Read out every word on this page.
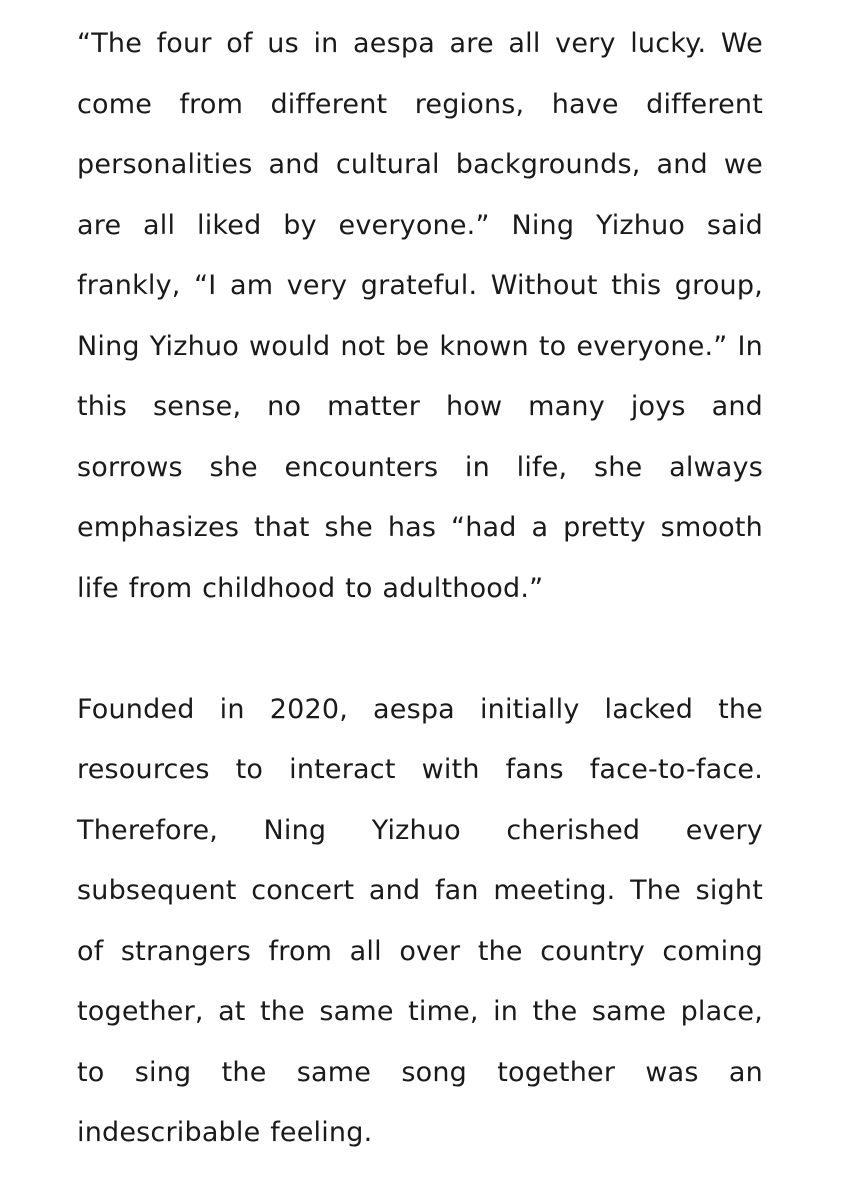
“The four of us in aespa are all very lucky. We come from different regions, have different personalities and cultural backgrounds, and we are all liked by everyone.” Ning Yizhuo said frankly, “I am very grateful. Without this group, Ning Yizhuo would not be known to everyone.” In this sense, no matter how many joys and sorrows she encounters in life, she always emphasizes that she has “had a pretty smooth life from childhood to adulthood.”

Founded in 2020, aespa initially lacked the resources to interact with fans face-to-face. Therefore, Ning Yizhuo cherished every subsequent concert and fan meeting. The sight of strangers from all over the country coming together, at the same time, in the same place, to sing the same song together was an indescribable feeling.
